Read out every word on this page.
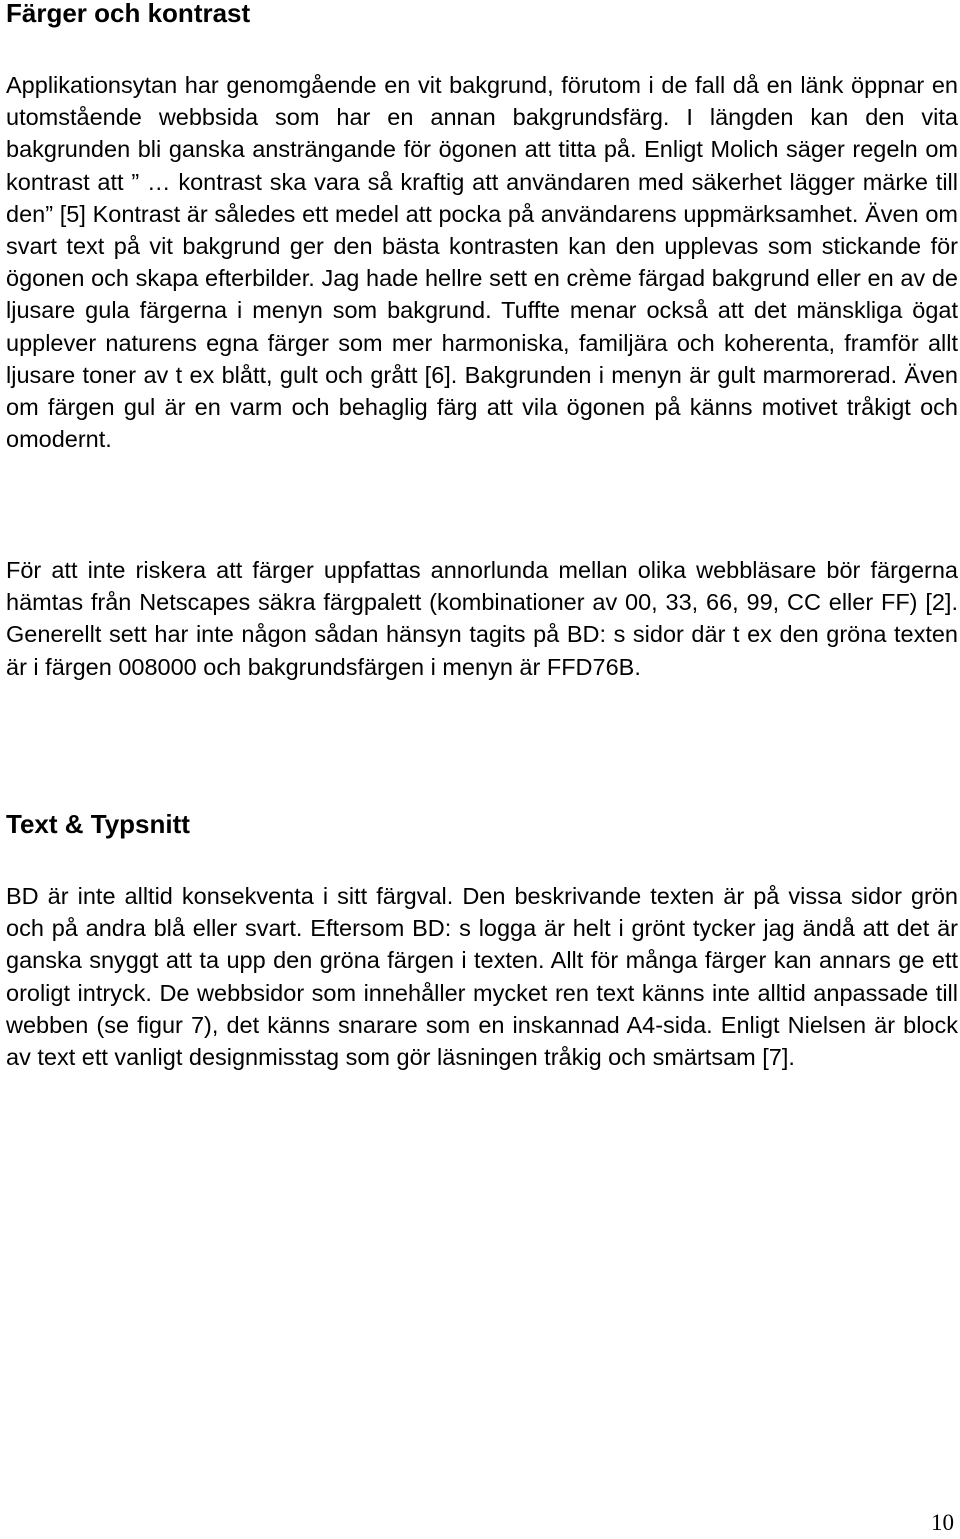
Färger och kontrast

Applikationsytan har genomgående en vit bakgrund, förutom i de fall då en länk öppnar en utomstående webbsida som har en annan bakgrundsfärg. I längden kan den vita bakgrunden bli ganska ansträngande för ögonen att titta på. Enligt Molich säger regeln om kontrast att ” … kontrast ska vara så kraftig att användaren med säkerhet lägger märke till den” [5] Kontrast är således ett medel att pocka på användarens uppmärksamhet. Även om svart text på vit bakgrund ger den bästa kontrasten kan den upplevas som stickande för ögonen och skapa efterbilder. Jag hade hellre sett en crème färgad bakgrund eller en av de ljusare gula färgerna i menyn som bakgrund. Tuffte menar också att det mänskliga ögat upplever naturens egna färger som mer harmoniska, familjära och koherenta, framför allt ljusare toner av t ex blått, gult och grått [6]. Bakgrunden i menyn är gult marmorerad. Även om färgen gul är en varm och behaglig färg att vila ögonen på känns motivet tråkigt och omodernt.

För att inte riskera att färger uppfattas annorlunda mellan olika webbläsare bör färgerna hämtas från Netscapes säkra färgpalett (kombinationer av 00, 33, 66, 99, CC eller FF) [2]. Generellt sett har inte någon sådan hänsyn tagits på BD: s sidor där t ex den gröna texten är i färgen 008000 och bakgrundsfärgen i menyn är FFD76B.

Text & Typsnitt

BD är inte alltid konsekventa i sitt färgval. Den beskrivande texten är på vissa sidor grön och på andra blå eller svart. Eftersom BD: s logga är helt i grönt tycker jag ändå att det är ganska snyggt att ta upp den gröna färgen i texten. Allt för många färger kan annars ge ett oroligt intryck. De webbsidor som innehåller mycket ren text känns inte alltid anpassade till webben (se figur 7), det känns snarare som en inskannad A4-sida. Enligt Nielsen är block av text ett vanligt designmisstag som gör läsningen tråkig och smärtsam [7].

10
